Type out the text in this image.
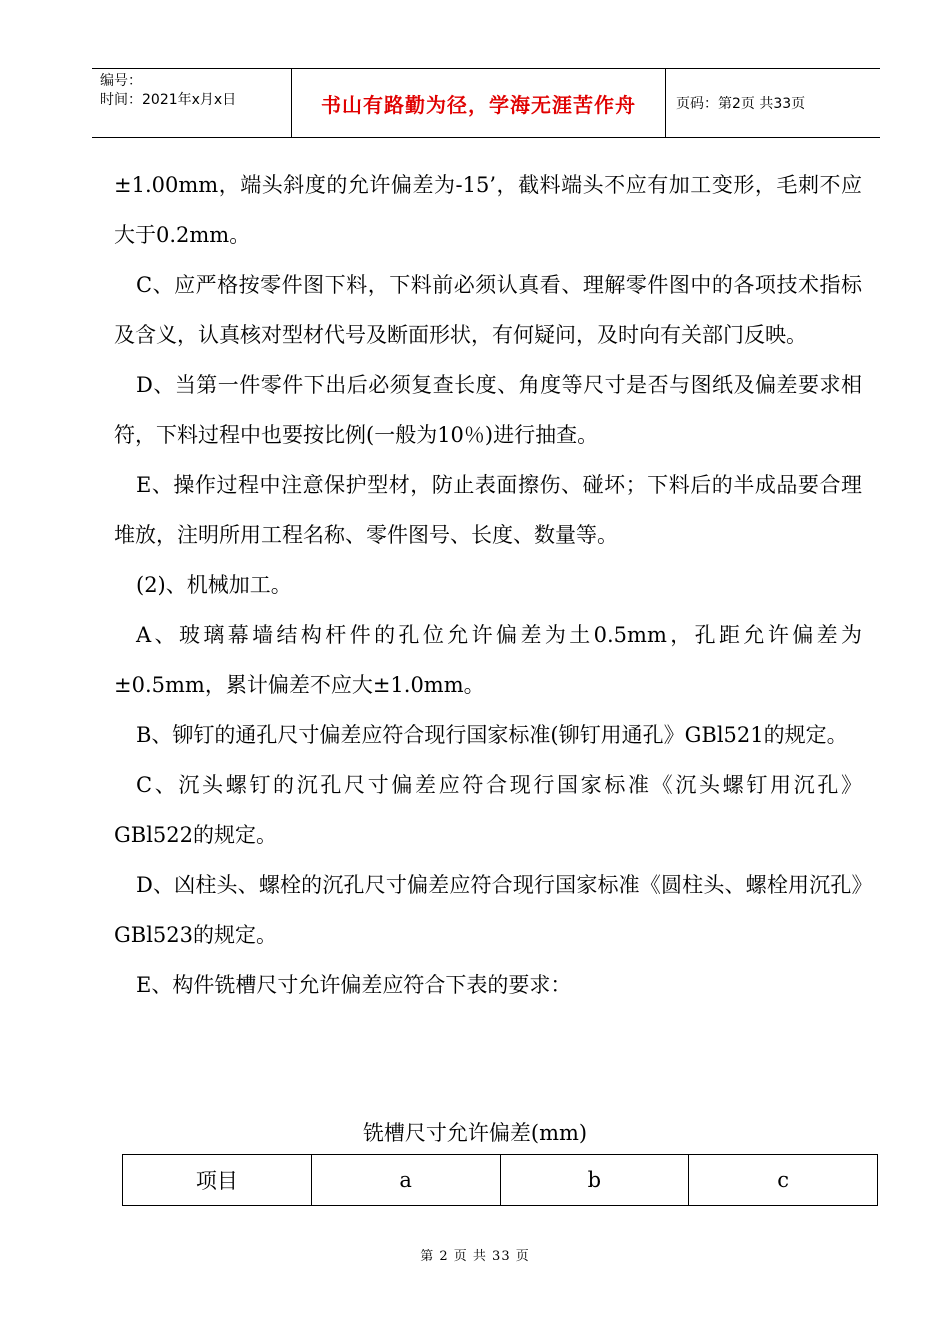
编号：
时间：2021年x月x日	书山有路勤为径，学海无涯苦作舟	页码：第2页 共33页

±1.00mm，端头斜度的允许偏差为-15’，截料端头不应有加工变形，毛刺不应大于0.2mm。

C、应严格按零件图下料，下料前必须认真看、理解零件图中的各项技术指标及含义，认真核对型材代号及断面形状，有何疑问，及时向有关部门反映。

D、当第一件零件下出后必须复查长度、角度等尺寸是否与图纸及偏差要求相符，下料过程中也要按比例(一般为10％)进行抽查。

E、操作过程中注意保护型材，防止表面擦伤、碰坏；下料后的半成品要合理堆放，注明所用工程名称、零件图号、长度、数量等。

(2)、机械加工。

A、玻璃幕墙结构杆件的孔位允许偏差为土0.5mm，孔距允许偏差为±0.5mm，累计偏差不应大±1.0mm。

B、铆钉的通孔尺寸偏差应符合现行国家标准(铆钉用通孔》GBl521的规定。

C、沉头螺钉的沉孔尺寸偏差应符合现行国家标准《沉头螺钉用沉孔》 GBl522的规定。

D、凶柱头、螺栓的沉孔尺寸偏差应符合现行国家标准《圆柱头、螺栓用沉孔》GBl523的规定。

E、构件铣槽尺寸允许偏差应符合下表的要求：

铣槽尺寸允许偏差(mm)
项目	a	b	c
第 2 页 共 33 页
